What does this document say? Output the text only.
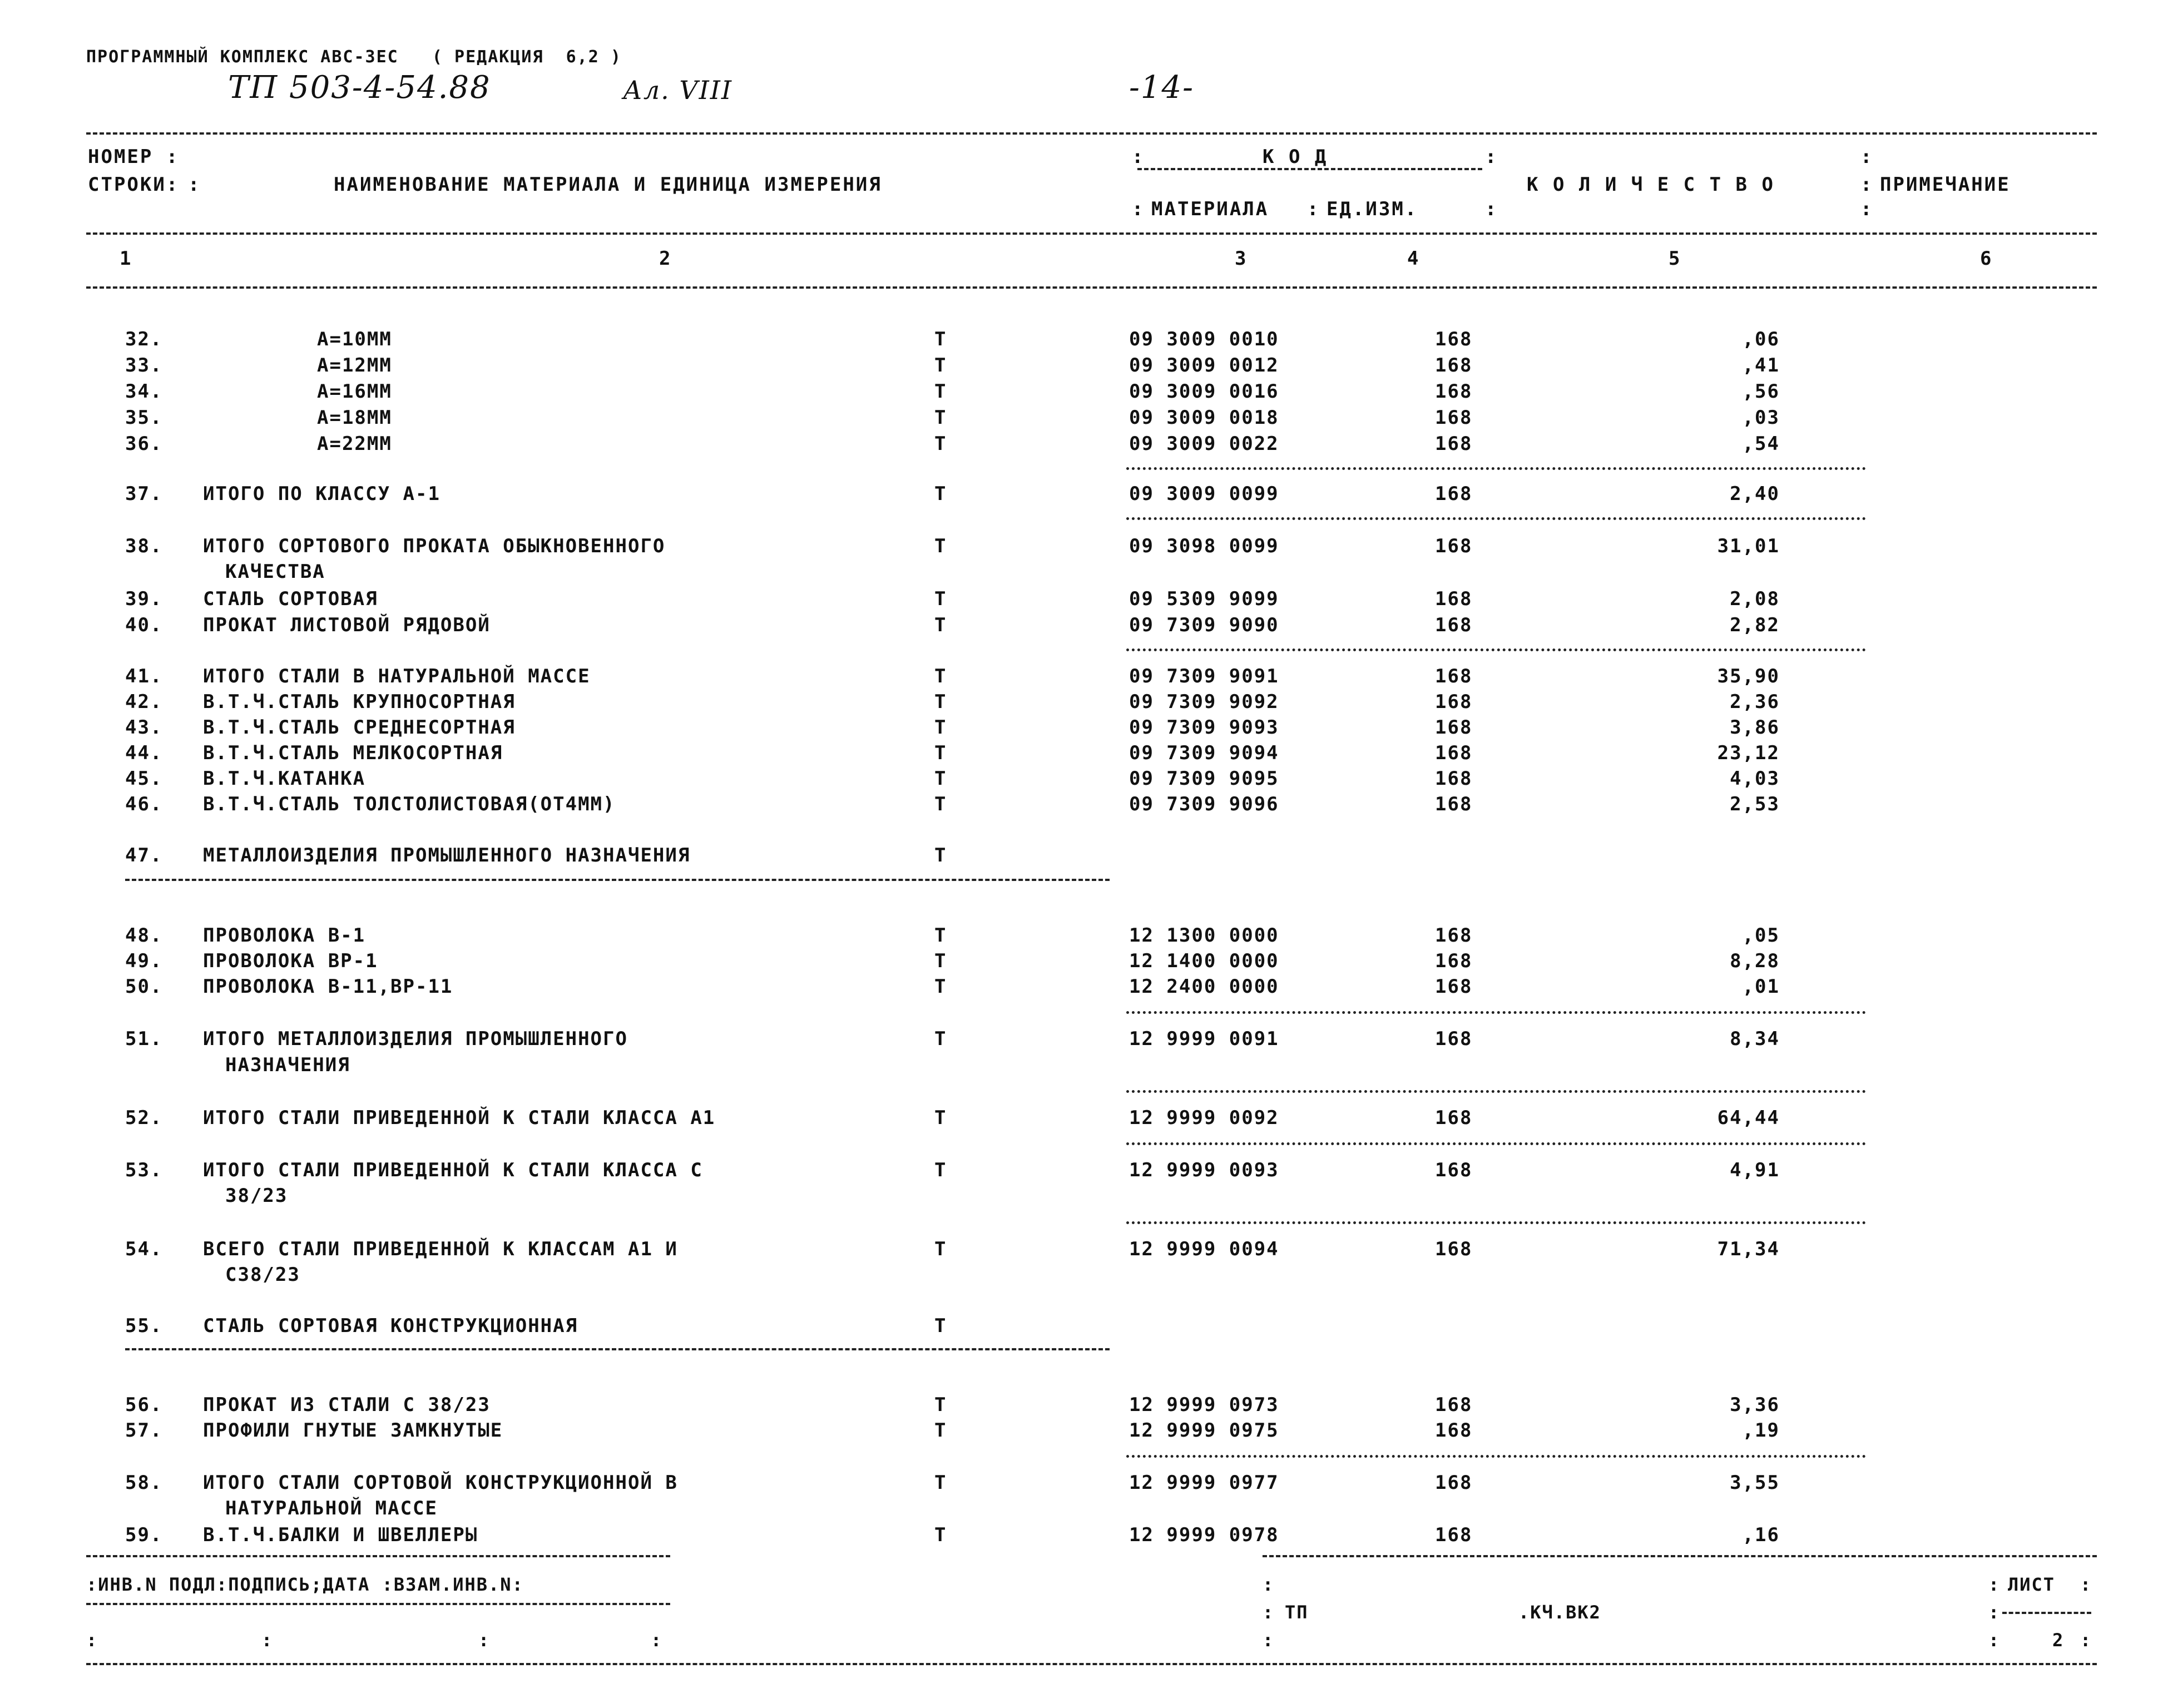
ПРОГРАММНЫЙ КОМПЛЕКС АВС-ЗЕС   ( РЕДАКЦИЯ  6,2 )
ТП 503-4-54.88	Ал. VIII	-14-
НОМЕР :
СТРОКИ: :	НАИМЕНОВАНИЕ МАТЕРИАЛА И ЕДИНИЦА ИЗМЕРЕНИЯ
:	К О Д	:
: МАТЕРИАЛА : ЕД.ИЗМ.	:
К О Л И Ч Е С Т В О
:
: ПРИМЕЧАНИЕ
:
1	2	3	4	5	6
32.	А=10ММ	Т	09 3009 0010	168	,06
33.	А=12ММ	Т	09 3009 0012	168	,41
34.	А=16ММ	Т	09 3009 0016	168	,56
35.	А=18ММ	Т	09 3009 0018	168	,03
36.	А=22ММ	Т	09 3009 0022	168	,54
37. ИТОГО ПО КЛАССУ А-1	Т	09 3009 0099	168	2,40
38. ИТОГО СОРТОВОГО ПРОКАТА ОБЫКНОВЕННОГО	Т	09 3098 0099	168	31,01
КАЧЕСТВА
39. СТАЛЬ СОРТОВАЯ	Т	09 5309 9099	168	2,08
40. ПРОКАТ ЛИСТОВОЙ РЯДОВОЙ	Т	09 7309 9090	168	2,82
41. ИТОГО СТАЛИ В НАТУРАЛЬНОЙ МАССЕ	Т	09 7309 9091	168	35,90
42. В.Т.Ч.СТАЛЬ КРУПНОСОРТНАЯ	Т	09 7309 9092	168	2,36
43. В.Т.Ч.СТАЛЬ СРЕДНЕСОРТНАЯ	Т	09 7309 9093	168	3,86
44. В.Т.Ч.СТАЛЬ МЕЛКОСОРТНАЯ	Т	09 7309 9094	168	23,12
45. В.Т.Ч.КАТАНКА	Т	09 7309 9095	168	4,03
46. В.Т.Ч.СТАЛЬ ТОЛСТОЛИСТОВАЯ(ОТ4ММ)	Т	09 7309 9096	168	2,53
47. МЕТАЛЛОИЗДЕЛИЯ ПРОМЫШЛЕННОГО НАЗНАЧЕНИЯ	Т
48. ПРОВОЛОКА В-1	Т	12 1300 0000	168	,05
49. ПРОВОЛОКА ВР-1	Т	12 1400 0000	168	8,28
50. ПРОВОЛОКА В-11,ВР-11	Т	12 2400 0000	168	,01
51. ИТОГО МЕТАЛЛОИЗДЕЛИЯ ПРОМЫШЛЕННОГО	Т	12 9999 0091	168	8,34
НАЗНАЧЕНИЯ
52. ИТОГО СТАЛИ ПРИВЕДЕННОЙ К СТАЛИ КЛАССА А1	Т	12 9999 0092	168	64,44
53. ИТОГО СТАЛИ ПРИВЕДЕННОЙ К СТАЛИ КЛАССА С	Т	12 9999 0093	168	4,91
38/23
54. ВСЕГО СТАЛИ ПРИВЕДЕННОЙ К КЛАССАМ А1 И	Т	12 9999 0094	168	71,34
С38/23
55. СТАЛЬ СОРТОВАЯ КОНСТРУКЦИОННАЯ	Т
56. ПРОКАТ ИЗ СТАЛИ С 38/23	Т	12 9999 0973	168	3,36
57. ПРОФИЛИ ГНУТЫЕ ЗАМКНУТЫЕ	Т	12 9999 0975	168	,19
58. ИТОГО СТАЛИ СОРТОВОЙ КОНСТРУКЦИОННОЙ В	Т	12 9999 0977	168	3,55
НАТУРАЛЬНОЙ МАССЕ
59. В.Т.Ч.БАЛКИ И ШВЕЛЛЕРЫ	Т	12 9999 0978	168	,16
:ИНВ.N ПОДЛ:ПОДПИСЬ;ДАТА :ВЗАМ.ИНВ.N:	:	: ЛИСТ :
: ТП	.КЧ.ВК2	:
:	:	:	:	:	:	2 :
